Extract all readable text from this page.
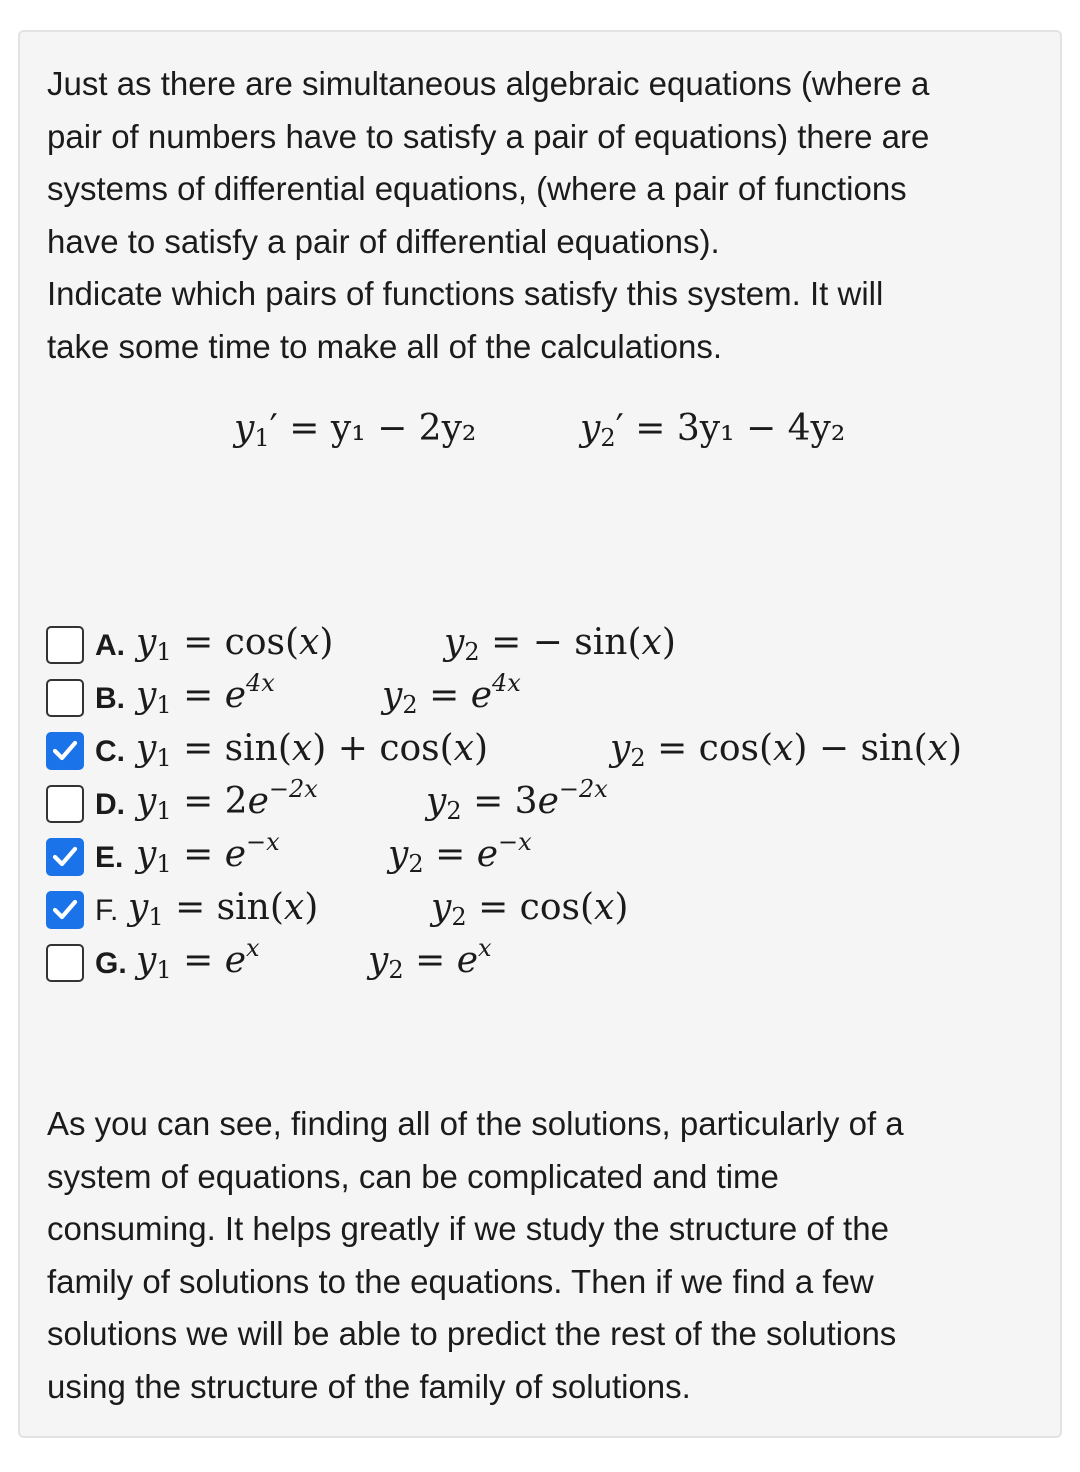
Just as there are simultaneous algebraic equations (where a
pair of numbers have to satisfy a pair of equations) there are
systems of differential equations, (where a pair of functions
have to satisfy a pair of differential equations).
Indicate which pairs of functions satisfy this system. It will
take some time to make all of the calculations.

$y_1' = y_1 - 2y_2$	$y_2' = 3y_1 - 4y_2$
A. $y_1 = \cos(x)$	$y_2$ = − sin(x)
B. $y_1 = e^{4x}$	$y_2 = e^{4x}$
C. $y_1 = \sin(x) + \cos(x)$	$y_2 = \cos(x) - \sin(x)$
D. $y_1 = 2e^{-2x}$	$y_2 = 3e^{-2x}$
E. $y_1 = e^{-x}$	$y_2 = e^{-x}$
F. $y_1 = \sin(x)$	$y_2 = \cos(x)$
G. $y_1 = e^x$	$y_2 = e^x$

As you can see, finding all of the solutions, particularly of a
system of equations, can be complicated and time
consuming. It helps greatly if we study the structure of the
family of solutions to the equations. Then if we find a few
solutions we will be able to predict the rest of the solutions
using the structure of the family of solutions.
